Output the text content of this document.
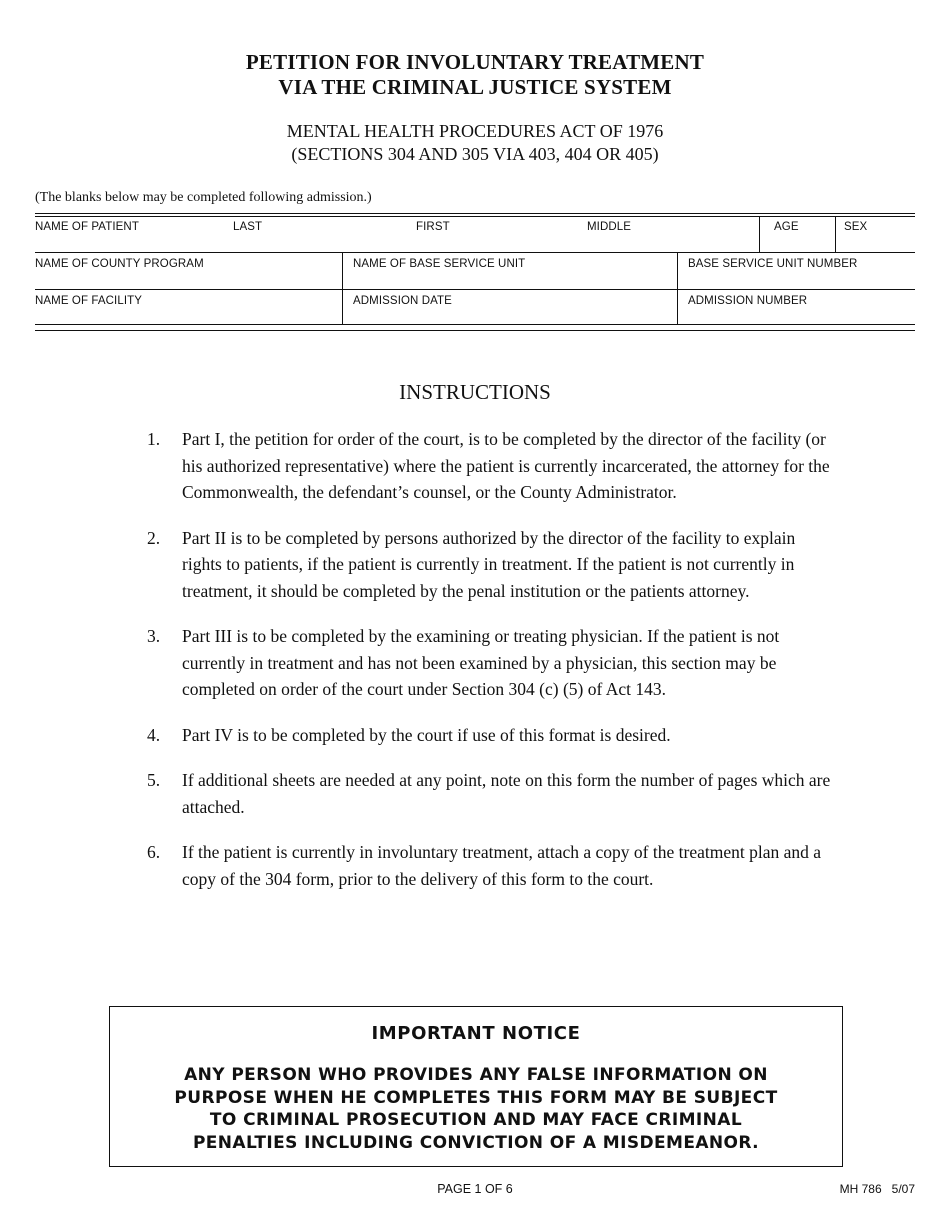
PETITION FOR INVOLUNTARY TREATMENT
VIA THE CRIMINAL JUSTICE SYSTEM
MENTAL HEALTH PROCEDURES ACT OF 1976
(SECTIONS 304 AND 305 VIA 403, 404 OR 405)
(The blanks below may be completed following admission.)
NAME OF PATIENT	LAST	FIRST	MIDDLE	AGE	SEX
NAME OF COUNTY PROGRAM	NAME OF BASE SERVICE UNIT	BASE SERVICE UNIT NUMBER
NAME OF FACILITY	ADMISSION DATE	ADMISSION NUMBER
INSTRUCTIONS
1. Part I, the petition for order of the court, is to be completed by the director of the facility (or his authorized representative) where the patient is currently incarcerated, the attorney for the Commonwealth, the defendant’s counsel, or the County Administrator.
2. Part II is to be completed by persons authorized by the director of the facility to explain rights to patients, if the patient is currently in treatment. If the patient is not currently in treatment, it should be completed by the penal institution or the patients attorney.
3. Part III is to be completed by the examining or treating physician. If the patient is not currently in treatment and has not been examined by a physician, this section may be completed on order of the court under Section 304 (c) (5) of Act 143.
4. Part IV is to be completed by the court if use of this format is desired.
5. If additional sheets are needed at any point, note on this form the number of pages which are attached.
6. If the patient is currently in involuntary treatment, attach a copy of the treatment plan and a copy of the 304 form, prior to the delivery of this form to the court.
IMPORTANT NOTICE
ANY PERSON WHO PROVIDES ANY FALSE INFORMATION ON
PURPOSE WHEN HE COMPLETES THIS FORM MAY BE SUBJECT
TO CRIMINAL PROSECUTION AND MAY FACE CRIMINAL
PENALTIES INCLUDING CONVICTION OF A MISDEMEANOR.
PAGE 1 OF 6	MH 786   5/07
